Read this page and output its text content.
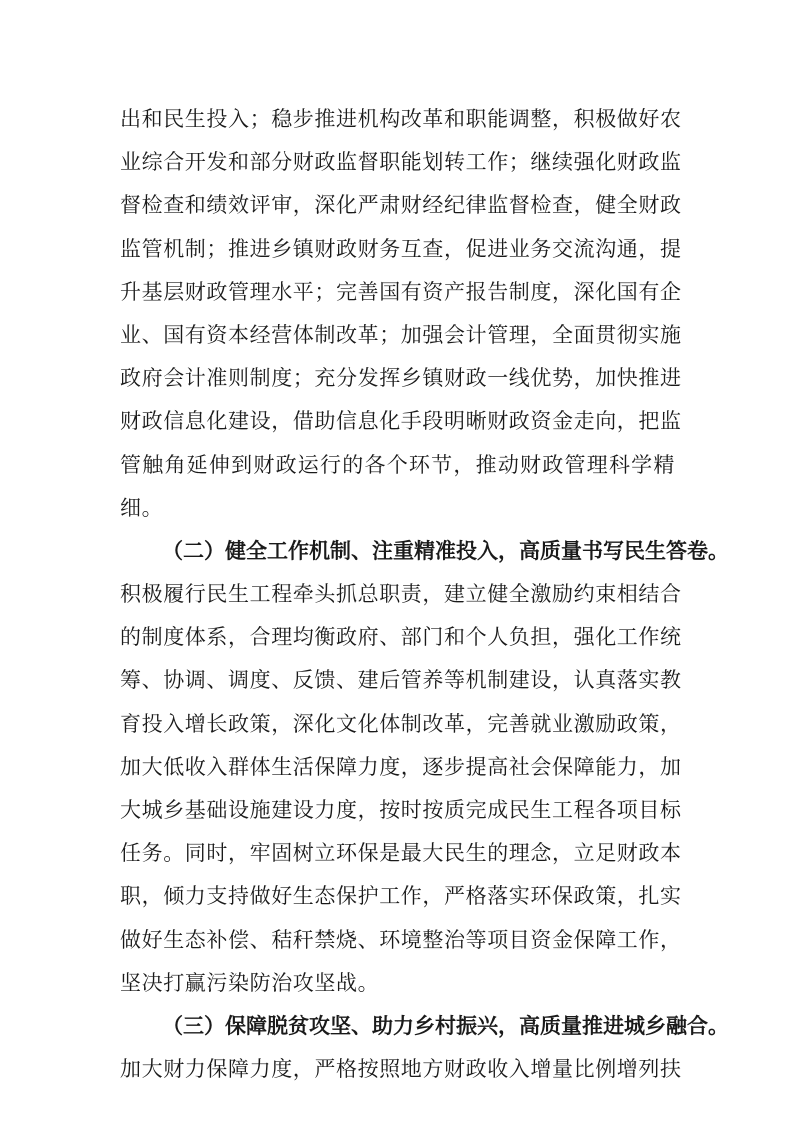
出和民生投入；稳步推进机构改革和职能调整，积极做好农
业综合开发和部分财政监督职能划转工作；继续强化财政监
督检查和绩效评审，深化严肃财经纪律监督检查，健全财政
监管机制；推进乡镇财政财务互查，促进业务交流沟通，提
升基层财政管理水平；完善国有资产报告制度，深化国有企
业、国有资本经营体制改革；加强会计管理，全面贯彻实施
政府会计准则制度；充分发挥乡镇财政一线优势，加快推进
财政信息化建设，借助信息化手段明晰财政资金走向，把监
管触角延伸到财政运行的各个环节，推动财政管理科学精
细。
（二）健全工作机制、注重精准投入，高质量书写民生答卷。
积极履行民生工程牵头抓总职责，建立健全激励约束相结合
的制度体系，合理均衡政府、部门和个人负担，强化工作统
筹、协调、调度、反馈、建后管养等机制建设，认真落实教
育投入增长政策，深化文化体制改革，完善就业激励政策，
加大低收入群体生活保障力度，逐步提高社会保障能力，加
大城乡基础设施建设力度，按时按质完成民生工程各项目标
任务。同时，牢固树立环保是最大民生的理念，立足财政本
职，倾力支持做好生态保护工作，严格落实环保政策，扎实
做好生态补偿、秸秆禁烧、环境整治等项目资金保障工作，
坚决打赢污染防治攻坚战。
（三）保障脱贫攻坚、助力乡村振兴，高质量推进城乡融合。
加大财力保障力度，严格按照地方财政收入增量比例增列扶
